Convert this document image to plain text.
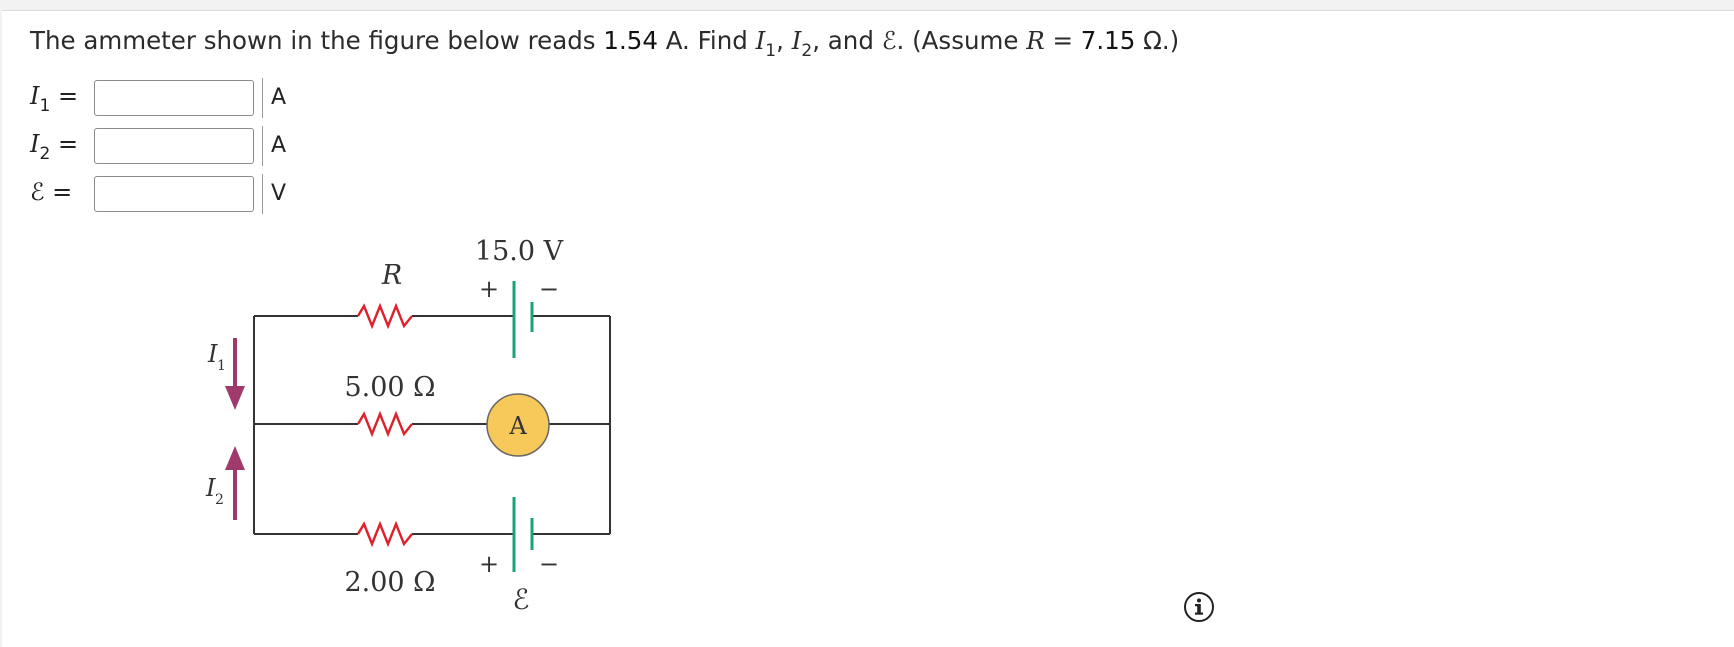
The ammeter shown in the figure below reads 1.54 A. Find $I_1$, $I_2$, and ℰ. (Assume R = 7.15 Ω.)
$I_1$ =	A
$I_2$ =	A
ℰ =	V
A
15.0 V
R	+ −
5.00 Ω
2.00 Ω
+ −
ℰ
I 1
I 2
